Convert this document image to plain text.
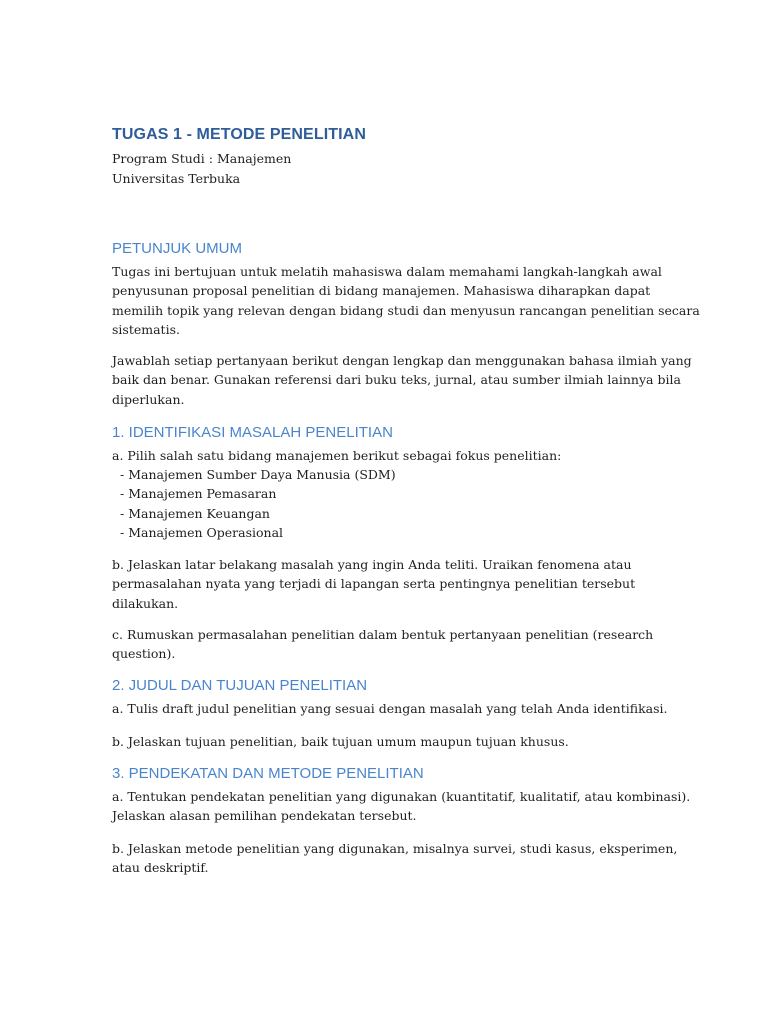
TUGAS 1 - METODE PENELITIAN

Program Studi : Manajemen

Universitas Terbuka

PETUNJUK UMUM

Tugas ini bertujuan untuk melatih mahasiswa dalam memahami langkah-langkah awal
penyusunan proposal penelitian di bidang manajemen. Mahasiswa diharapkan dapat
memilih topik yang relevan dengan bidang studi dan menyusun rancangan penelitian secara
sistematis.

Jawablah setiap pertanyaan berikut dengan lengkap dan menggunakan bahasa ilmiah yang
baik dan benar. Gunakan referensi dari buku teks, jurnal, atau sumber ilmiah lainnya bila
diperlukan.

1. IDENTIFIKASI MASALAH PENELITIAN

a. Pilih salah satu bidang manajemen berikut sebagai fokus penelitian:

- Manajemen Sumber Daya Manusia (SDM)
- Manajemen Pemasaran
- Manajemen Keuangan
- Manajemen Operasional

b. Jelaskan latar belakang masalah yang ingin Anda teliti. Uraikan fenomena atau
permasalahan nyata yang terjadi di lapangan serta pentingnya penelitian tersebut
dilakukan.

c. Rumuskan permasalahan penelitian dalam bentuk pertanyaan penelitian (research
question).

2. JUDUL DAN TUJUAN PENELITIAN

a. Tulis draft judul penelitian yang sesuai dengan masalah yang telah Anda identifikasi.

b. Jelaskan tujuan penelitian, baik tujuan umum maupun tujuan khusus.

3. PENDEKATAN DAN METODE PENELITIAN

a. Tentukan pendekatan penelitian yang digunakan (kuantitatif, kualitatif, atau kombinasi).
Jelaskan alasan pemilihan pendekatan tersebut.

b. Jelaskan metode penelitian yang digunakan, misalnya survei, studi kasus, eksperimen,
atau deskriptif.
